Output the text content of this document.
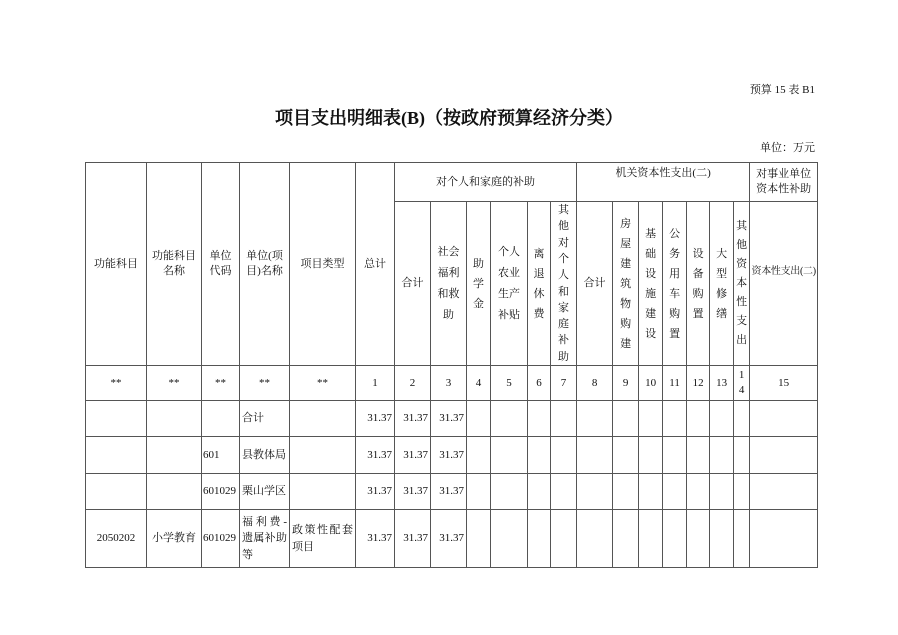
预算 15 表 B1
项目支出明细表(B)（按政府预算经济分类）
单位：万元
功能科目	功能科目名称	单位代码	单位(项目)名称	项目类型	总计	对个人和家庭的补助						机关资本性支出(二)							对事业单位资本性补助

						合计	社会福利和救助	助学金	个人农业生产补贴	离退休费	其他对个人和家庭补助	合计	房屋建筑物购建	基础设施建设	公务用车购置	设备购置	大型修缮	其他资本性支出	资本性支出(二)
**	**	**	**	**	1	2	3	4	5	6	7	8	9	10	11	12	13	14	15
			合计		31.37	31.37	31.37												
		601	县教体局		31.37	31.37	31.37												
		601029	栗山学区		31.37	31.37	31.37												
2050202	小学教育	601029	福利费-遗属补助等	政策性配套项目	31.37	31.37	31.37												
